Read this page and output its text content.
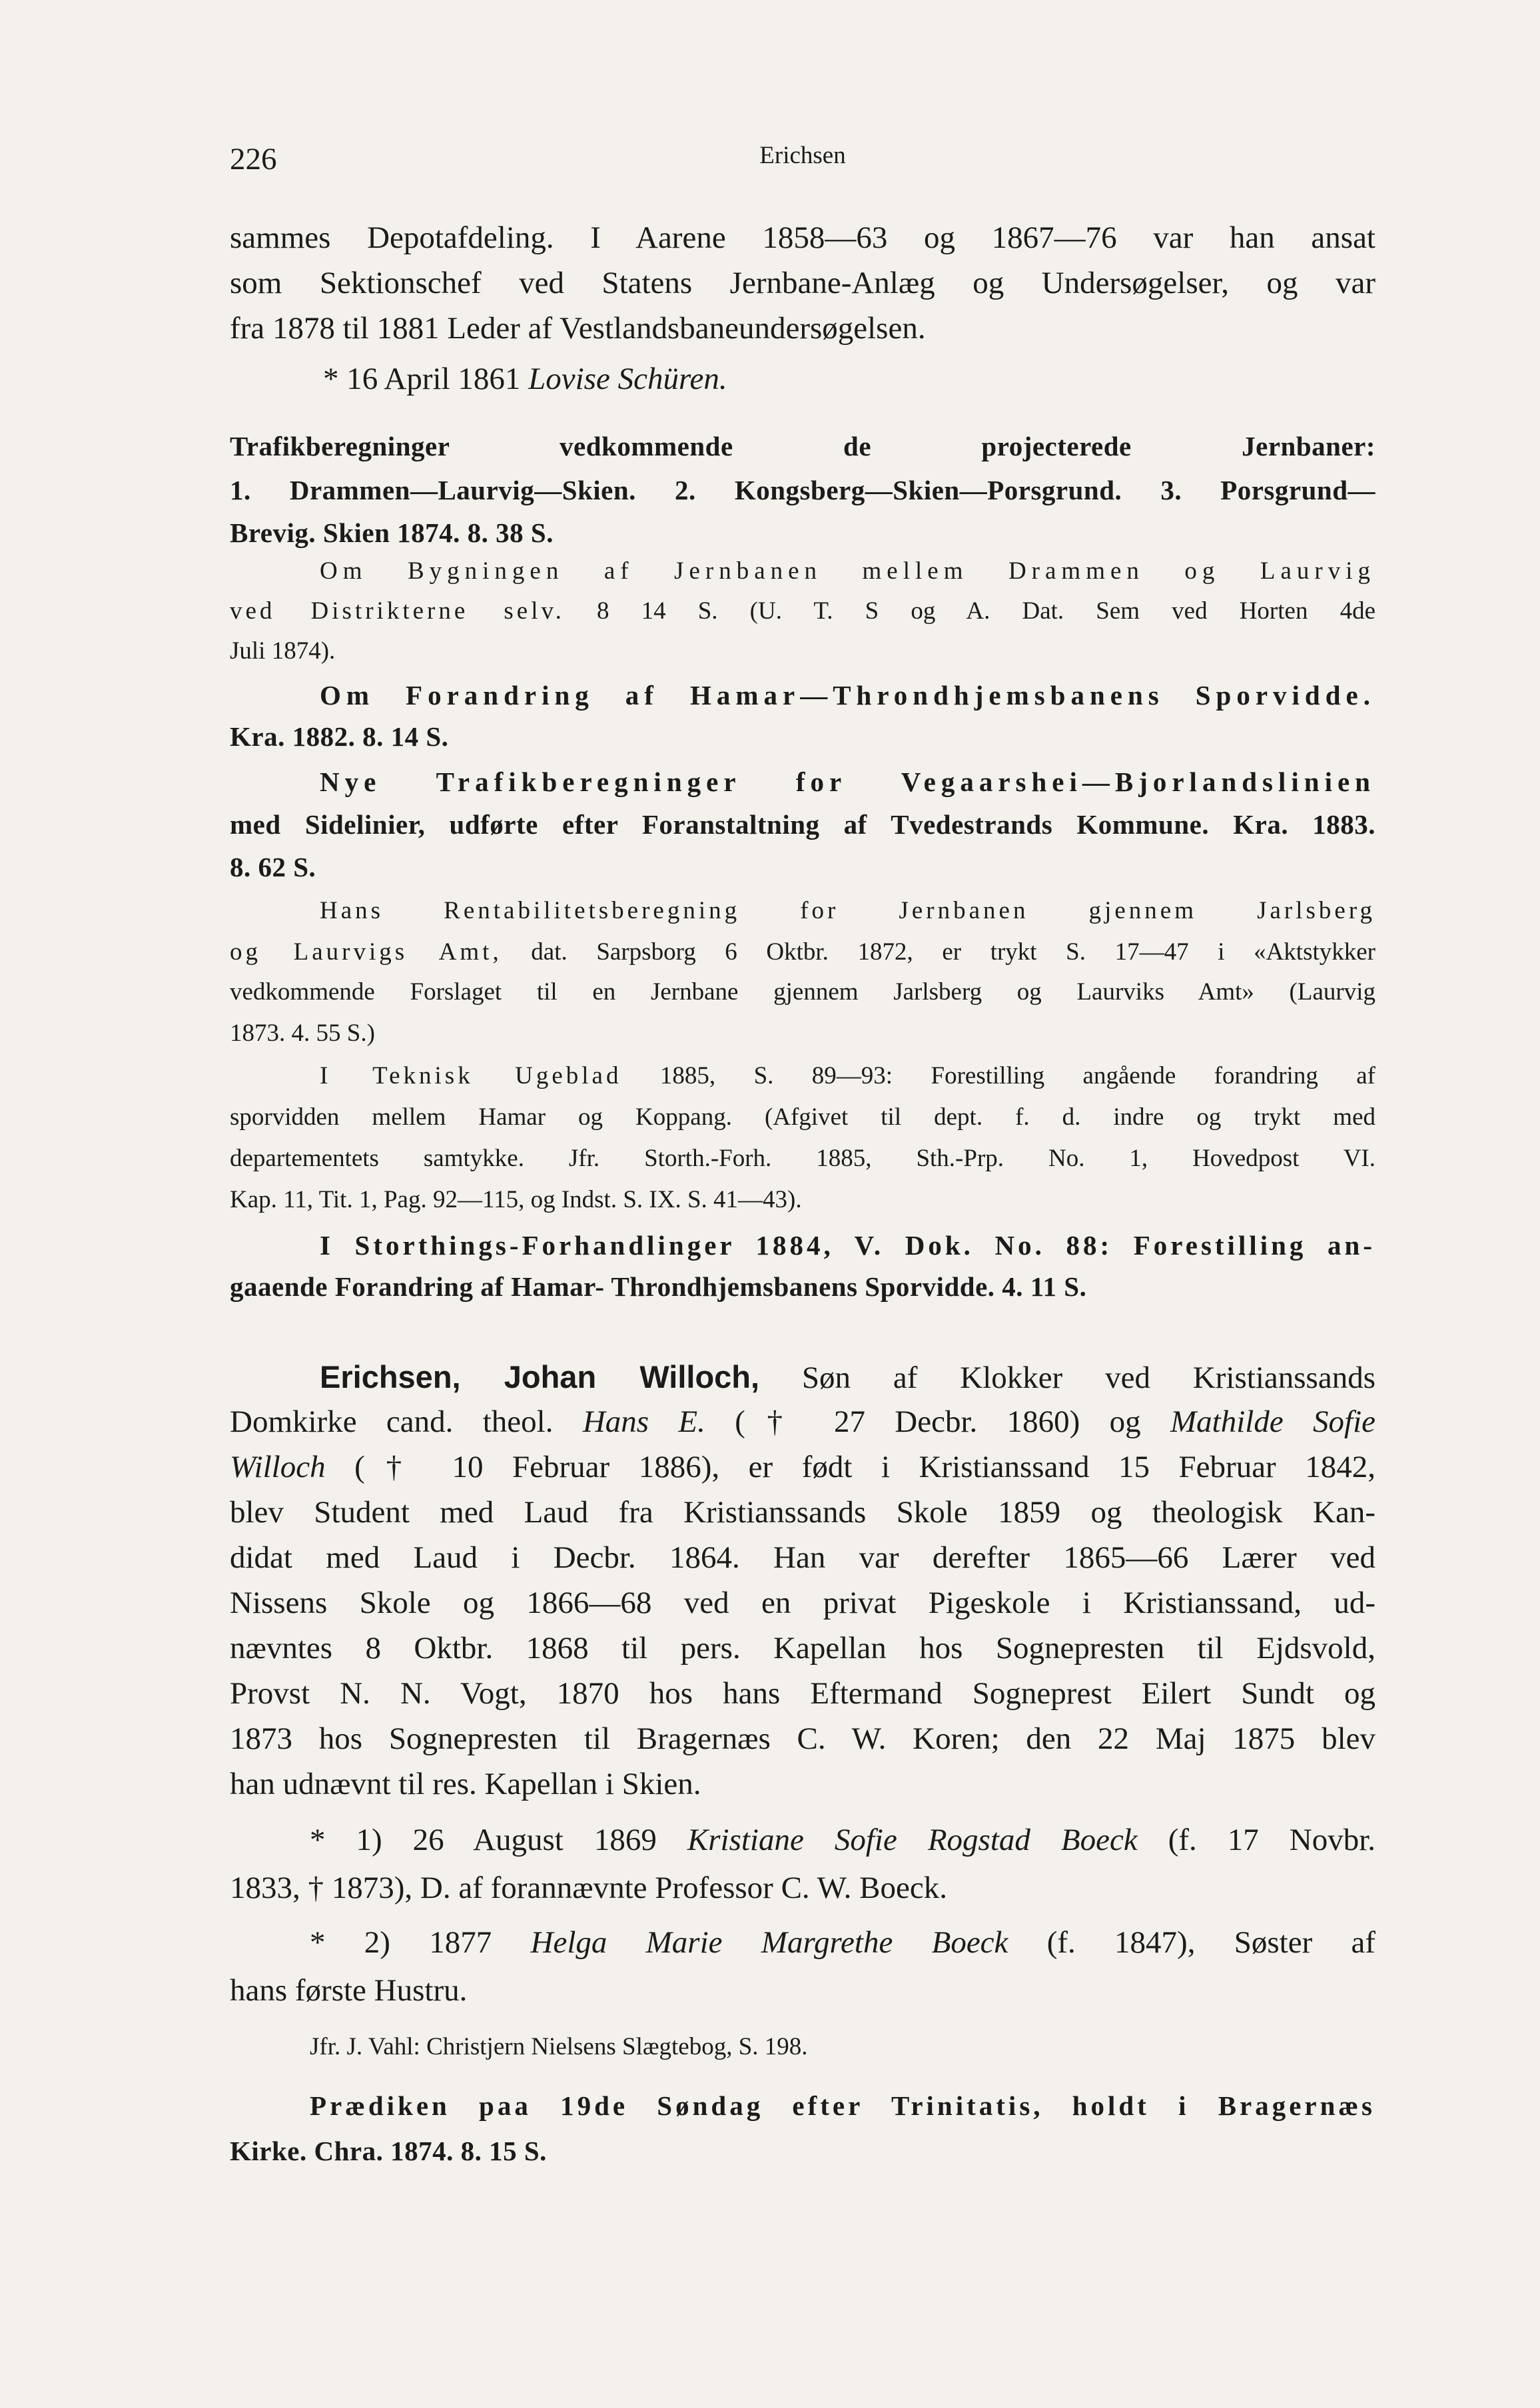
226	Erichsen
sammes Depotafdeling. I Aarene 1858—63 og 1867—76 var han ansat
som Sektionschef ved Statens Jernbane-Anlæg og Undersøgelser, og var
fra 1878 til 1881 Leder af Vestlandsbaneundersøgelsen.
* 16 April 1861 Lovise Schüren.
Trafikberegninger vedkommende de projecterede Jernbaner:
1. Drammen—Laurvig—Skien. 2. Kongsberg—Skien—Porsgrund. 3. Porsgrund—
Brevig. Skien 1874. 8. 38 S.
Om Bygningen af Jernbanen mellem Drammen og Laurvig
ved Distrikterne selv. 8 14 S. (U. T. S og A. Dat. Sem ved Horten 4de
Juli 1874).
Om Forandring af Hamar—Throndhjemsbanens Sporvidde.
Kra. 1882. 8. 14 S.
Nye Trafikberegninger for Vegaarshei—Bjorlandslinien
med Sidelinier, udførte efter Foranstaltning af Tvedestrands Kommune. Kra. 1883.
8. 62 S.
Hans Rentabilitetsberegning for Jernbanen gjennem Jarlsberg
og Laurvigs Amt, dat. Sarpsborg 6 Oktbr. 1872, er trykt S. 17—47 i «Aktstykker
vedkommende Forslaget til en Jernbane gjennem Jarlsberg og Laurviks Amt» (Laurvig
1873. 4. 55 S.)
I Teknisk Ugeblad 1885, S. 89—93: Forestilling angående forandring af
sporvidden mellem Hamar og Koppang. (Afgivet til dept. f. d. indre og trykt med
departementets samtykke. Jfr. Storth.-Forh. 1885, Sth.-Prp. No. 1, Hovedpost VI.
Kap. 11, Tit. 1, Pag. 92—115, og Indst. S. IX. S. 41—43).
I Storthings-Forhandlinger 1884, V. Dok. No. 88: Forestilling an-
gaaende Forandring af Hamar- Throndhjemsbanens Sporvidde. 4. 11 S.
Erichsen, Johan Willoch, Søn af Klokker ved Kristianssands
Domkirke cand. theol. Hans E. († 27 Decbr. 1860) og Mathilde Sofie
Willoch († 10 Februar 1886), er født i Kristianssand 15 Februar 1842,
blev Student med Laud fra Kristianssands Skole 1859 og theologisk Kan-
didat med Laud i Decbr. 1864. Han var derefter 1865—66 Lærer ved
Nissens Skole og 1866—68 ved en privat Pigeskole i Kristianssand, ud-
nævntes 8 Oktbr. 1868 til pers. Kapellan hos Sognepresten til Ejdsvold,
Provst N. N. Vogt, 1870 hos hans Eftermand Sogneprest Eilert Sundt og
1873 hos Sognepresten til Bragernæs C. W. Koren; den 22 Maj 1875 blev
han udnævnt til res. Kapellan i Skien.
* 1) 26 August 1869 Kristiane Sofie Rogstad Boeck (f. 17 Novbr.
1833, † 1873), D. af forannævnte Professor C. W. Boeck.
* 2) 1877 Helga Marie Margrethe Boeck (f. 1847), Søster af
hans første Hustru.
Jfr. J. Vahl: Christjern Nielsens Slægtebog, S. 198.
Prædiken paa 19de Søndag efter Trinitatis, holdt i Bragernæs
Kirke. Chra. 1874. 8. 15 S.
